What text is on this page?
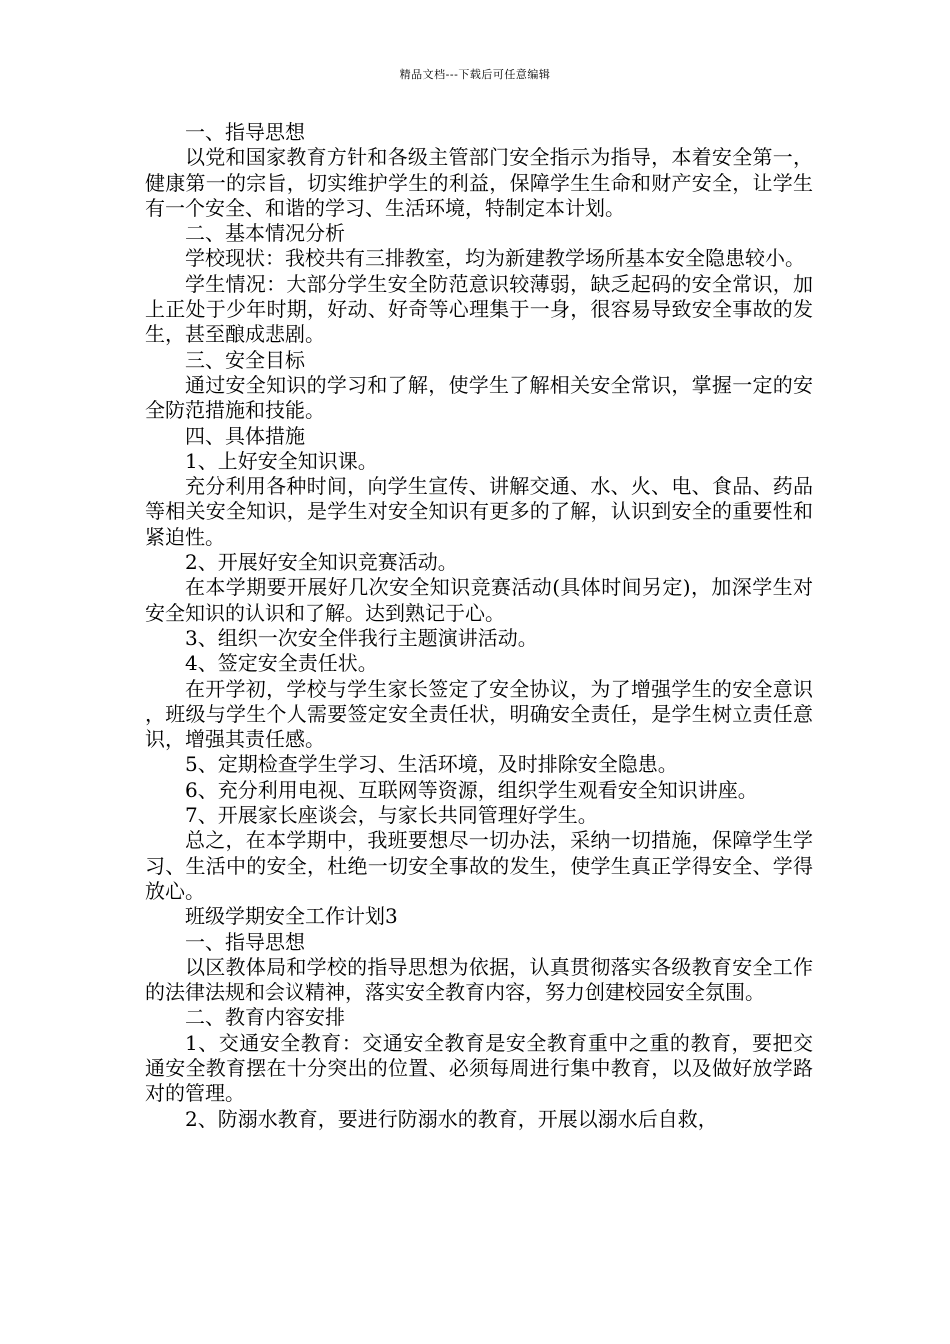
精品文档---下载后可任意编辑

一、指导思想

以党和国家教育方针和各级主管部门安全指示为指导，本着安全第一，健康第一的宗旨，切实维护学生的利益，保障学生生命和财产安全，让学生有一个安全、和谐的学习、生活环境，特制定本计划。

二、基本情况分析

学校现状：我校共有三排教室，均为新建教学场所基本安全隐患较小。

学生情况：大部分学生安全防范意识较薄弱，缺乏起码的安全常识，加上正处于少年时期，好动、好奇等心理集于一身，很容易导致安全事故的发生，甚至酿成悲剧。

三、安全目标

通过安全知识的学习和了解，使学生了解相关安全常识，掌握一定的安全防范措施和技能。

四、具体措施

1、上好安全知识课。

充分利用各种时间，向学生宣传、讲解交通、水、火、电、食品、药品等相关安全知识，是学生对安全知识有更多的了解，认识到安全的重要性和紧迫性。

2、开展好安全知识竞赛活动。

在本学期要开展好几次安全知识竞赛活动(具体时间另定)，加深学生对安全知识的认识和了解。达到熟记于心。

3、组织一次安全伴我行主题演讲活动。

4、签定安全责任状。

在开学初，学校与学生家长签定了安全协议，为了增强学生的安全意识，班级与学生个人需要签定安全责任状，明确安全责任，是学生树立责任意识，增强其责任感。

5、定期检查学生学习、生活环境，及时排除安全隐患。

6、充分利用电视、互联网等资源，组织学生观看安全知识讲座。

7、开展家长座谈会，与家长共同管理好学生。

总之，在本学期中，我班要想尽一切办法，采纳一切措施，保障学生学习、生活中的安全，杜绝一切安全事故的发生，使学生真正学得安全、学得放心。

班级学期安全工作计划3

一、指导思想

以区教体局和学校的指导思想为依据，认真贯彻落实各级教育安全工作的法律法规和会议精神，落实安全教育内容，努力创建校园安全氛围。

二、教育内容安排

1、交通安全教育：交通安全教育是安全教育重中之重的教育，要把交通安全教育摆在十分突出的位置、必须每周进行集中教育，以及做好放学路对的管理。

2、防溺水教育，要进行防溺水的教育，开展以溺水后自救，
